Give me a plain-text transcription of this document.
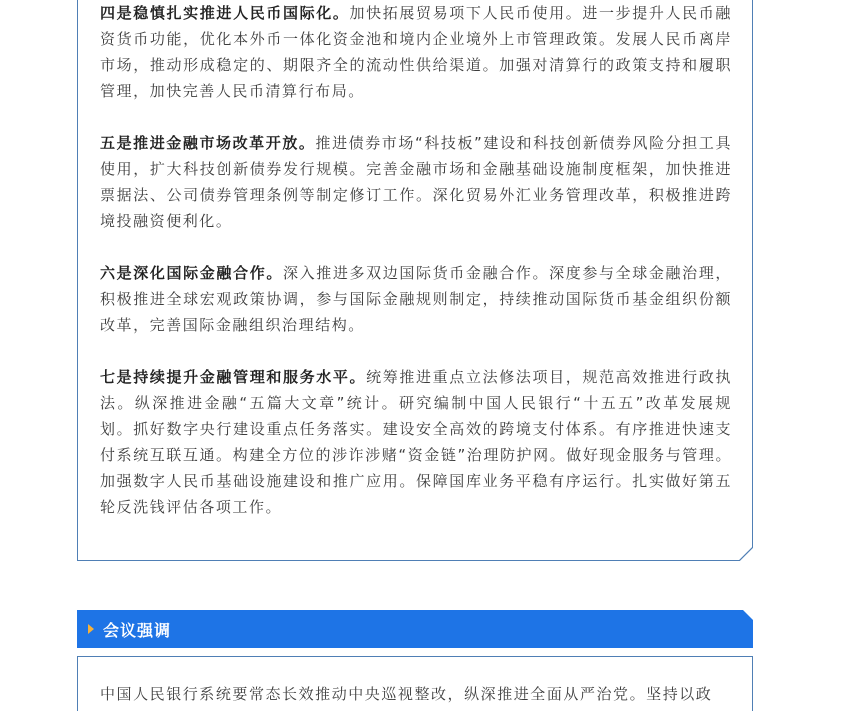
四是稳慎扎实推进人民币国际化。加快拓展贸易项下人民币使用。进一步提升人民币融资货币功能，优化本外币一体化资金池和境内企业境外上市管理政策。发展人民币离岸市场，推动形成稳定的、期限齐全的流动性供给渠道。加强对清算行的政策支持和履职管理，加快完善人民币清算行布局。

五是推进金融市场改革开放。推进债券市场“科技板”建设和科技创新债券风险分担工具使用，扩大科技创新债券发行规模。完善金融市场和金融基础设施制度框架，加快推进票据法、公司债券管理条例等制定修订工作。深化贸易外汇业务管理改革，积极推进跨境投融资便利化。

六是深化国际金融合作。深入推进多双边国际货币金融合作。深度参与全球金融治理，积极推进全球宏观政策协调，参与国际金融规则制定，持续推动国际货币基金组织份额改革，完善国际金融组织治理结构。

七是持续提升金融管理和服务水平。统筹推进重点立法修法项目，规范高效推进行政执法。纵深推进金融“五篇大文章”统计。研究编制中国人民银行“十五五”改革发展规划。抓好数字央行建设重点任务落实。建设安全高效的跨境支付体系。有序推进快速支付系统互联互通。构建全方位的涉诈涉赌“资金链”治理防护网。做好现金服务与管理。加强数字人民币基础设施建设和推广应用。保障国库业务平稳有序运行。扎实做好第五轮反洗钱评估各项工作。

会议强调

中国人民银行系统要常态长效推动中央巡视整改，纵深推进全面从严治党。坚持以政
